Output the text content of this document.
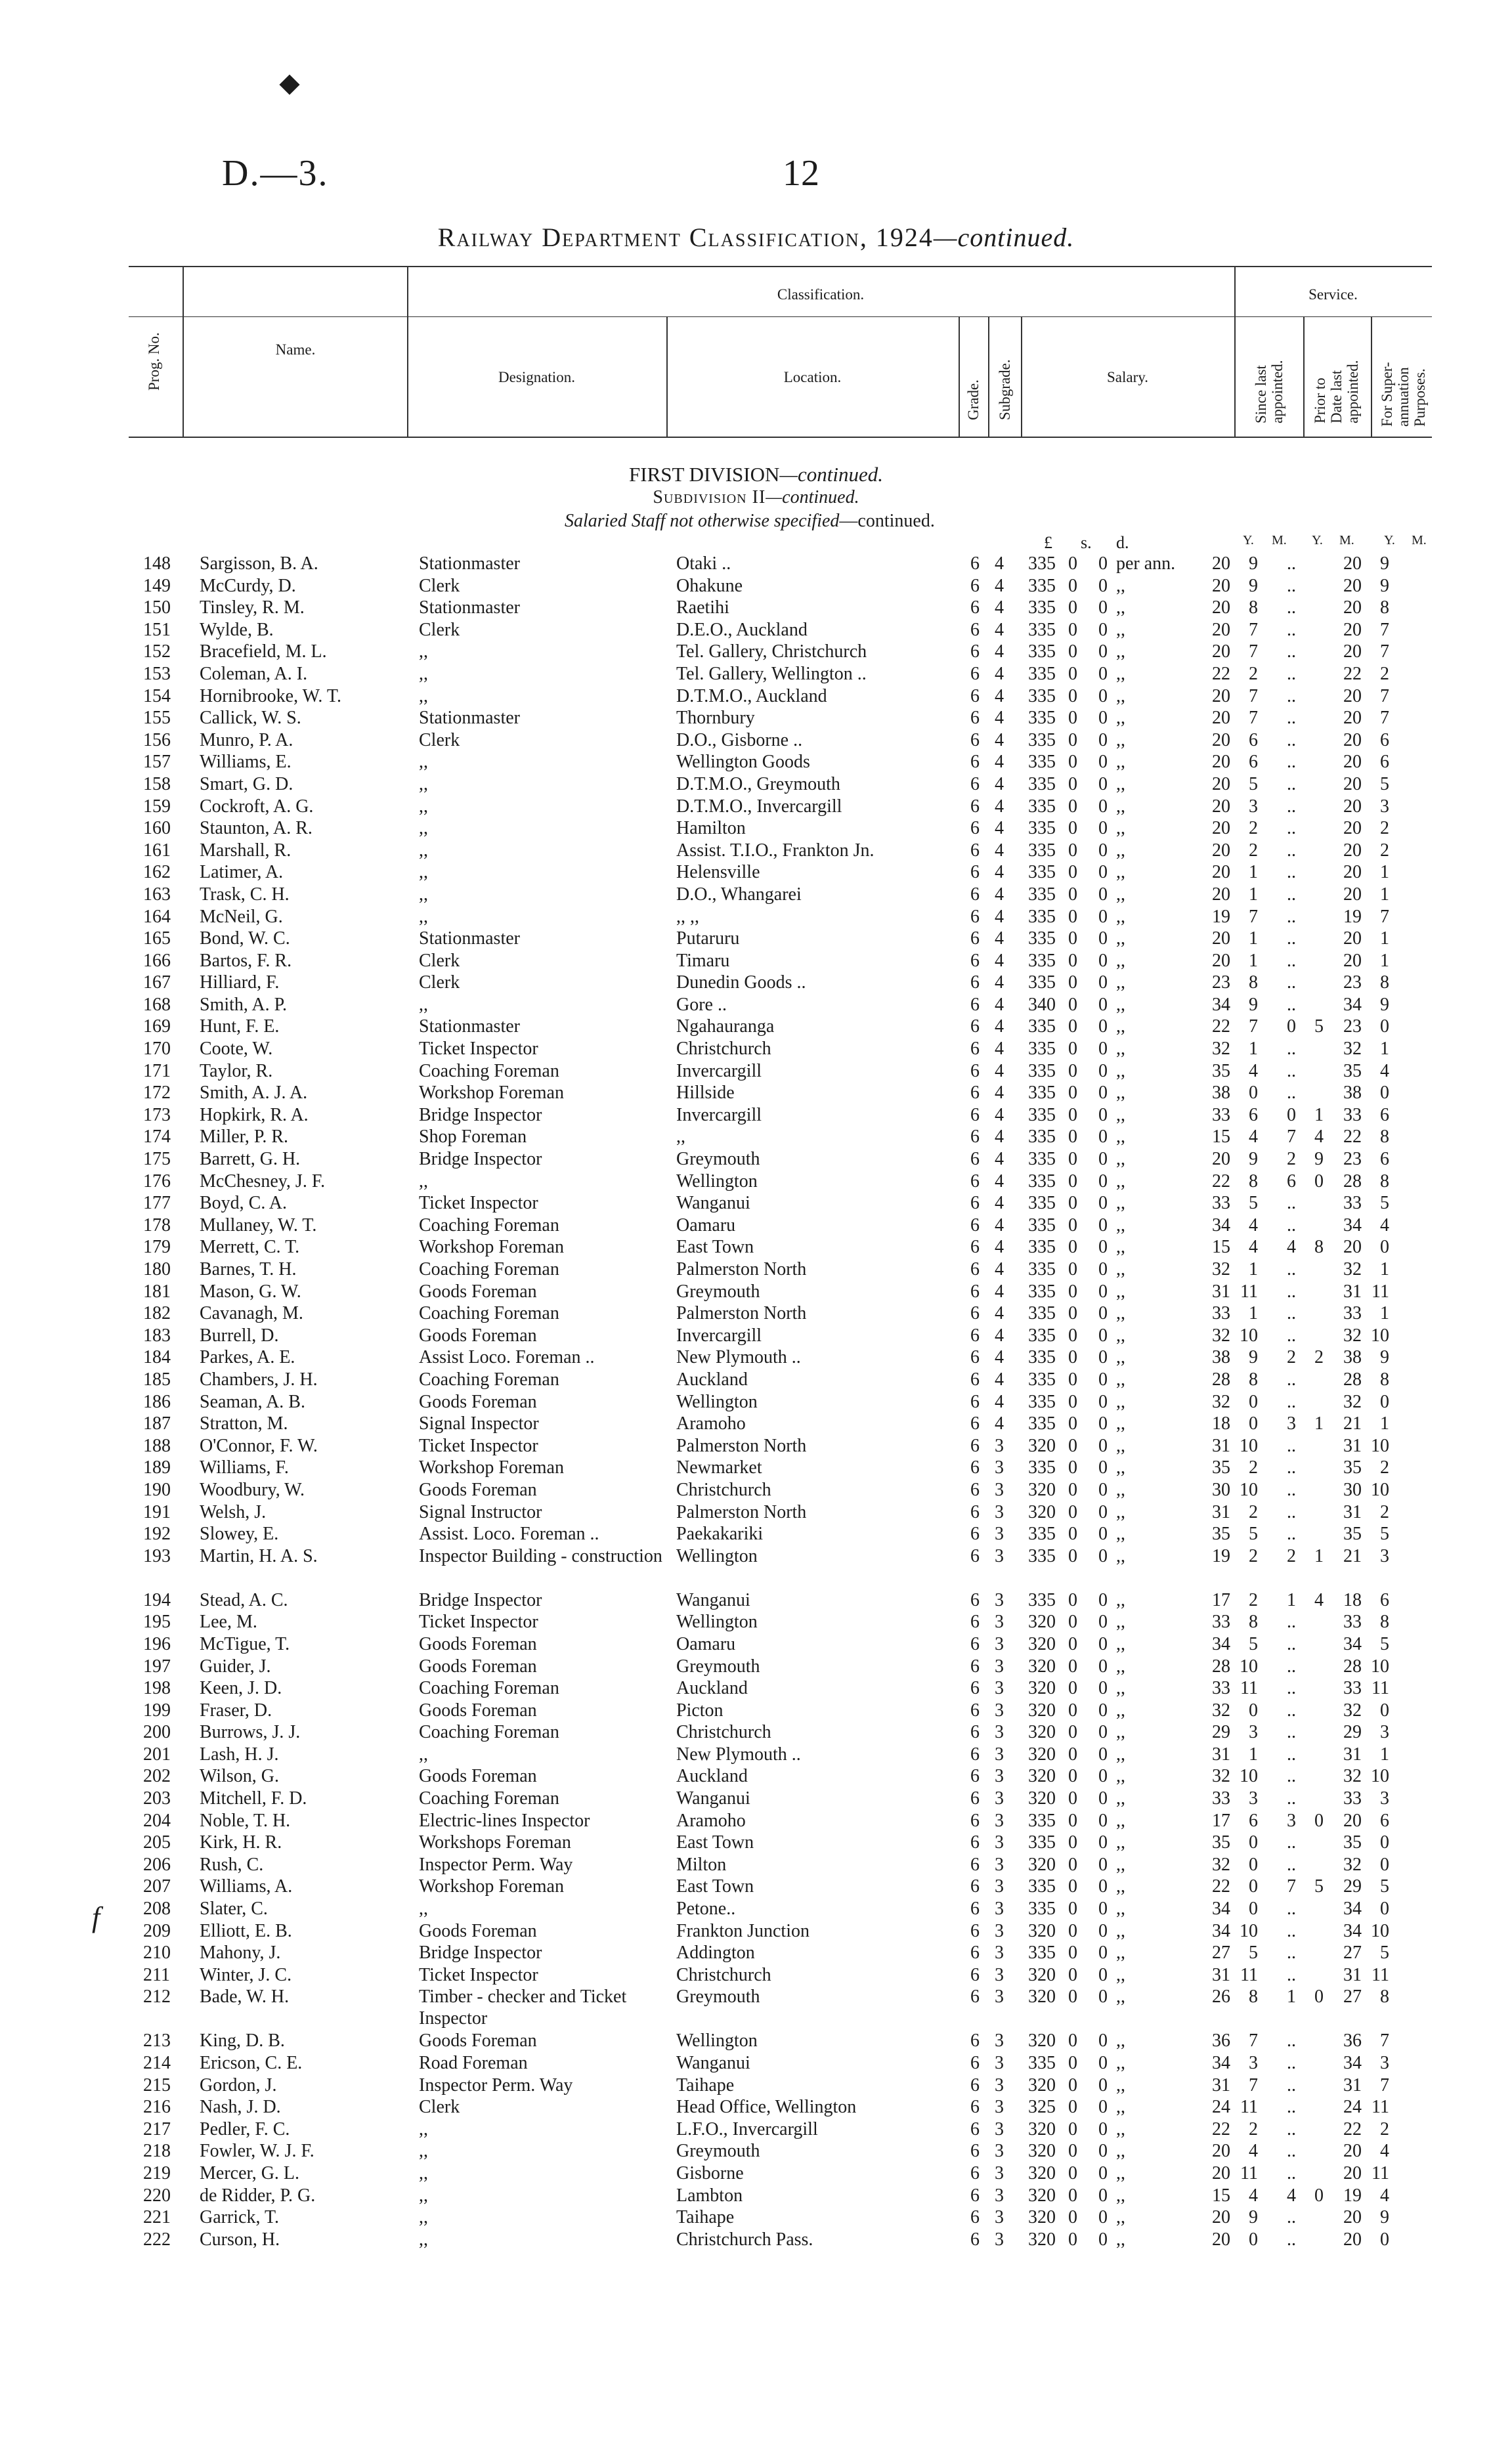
D.—3.	12
Railway Department Classification, 1924—continued.
Prog. No.	Name.
Classification.	Service.
Designation.	Location.
Grade. Subgrade.	Salary.
Since last
appointed. Prior to
Date last
appointed. For Super-
annuation
Purposes.
FIRST DIVISION—continued.
Subdivision II—continued.
Salaried Staff not otherwise specified—continued.
£ s. d.	Y. M. Y. M. Y. M.
148	Sargisson, B. A.	Stationmaster	Otaki ..	6	4	335	0	0	per ann.	20	9		..			20	9
149	McCurdy, D.	Clerk	Ohakune	6	4	335	0	0	,,	20	9		..			20	9
150	Tinsley, R. M.	Stationmaster	Raetihi	6	4	335	0	0	,,	20	8		..			20	8
151	Wylde, B.	Clerk	D.E.O., Auckland	6	4	335	0	0	,,	20	7		..			20	7
152	Bracefield, M. L.	,,	Tel. Gallery, Christchurch	6	4	335	0	0	,,	20	7		..			20	7
153	Coleman, A. I.	,,	Tel. Gallery, Wellington ..	6	4	335	0	0	,,	22	2		..			22	2
154	Hornibrooke, W. T.	,,	D.T.M.O., Auckland	6	4	335	0	0	,,	20	7		..			20	7
155	Callick, W. S.	Stationmaster	Thornbury	6	4	335	0	0	,,	20	7		..			20	7
156	Munro, P. A.	Clerk	D.O., Gisborne ..	6	4	335	0	0	,,	20	6		..			20	6
157	Williams, E.	,,	Wellington Goods	6	4	335	0	0	,,	20	6		..			20	6
158	Smart, G. D.	,,	D.T.M.O., Greymouth	6	4	335	0	0	,,	20	5		..			20	5
159	Cockroft, A. G.	,,	D.T.M.O., Invercargill	6	4	335	0	0	,,	20	3		..			20	3
160	Staunton, A. R.	,,	Hamilton	6	4	335	0	0	,,	20	2		..			20	2
161	Marshall, R.	,,	Assist. T.I.O., Frankton Jn.	6	4	335	0	0	,,	20	2		..			20	2
162	Latimer, A.	,,	Helensville	6	4	335	0	0	,,	20	1		..			20	1
163	Trask, C. H.	,,	D.O., Whangarei	6	4	335	0	0	,,	20	1		..			20	1
164	McNeil, G.	,,	,, ,,	6	4	335	0	0	,,	19	7		..			19	7
165	Bond, W. C.	Stationmaster	Putaruru	6	4	335	0	0	,,	20	1		..			20	1
166	Bartos, F. R.	Clerk	Timaru	6	4	335	0	0	,,	20	1		..			20	1
167	Hilliard, F.	Clerk	Dunedin Goods ..	6	4	335	0	0	,,	23	8		..			23	8
168	Smith, A. P.	,,	Gore ..	6	4	340	0	0	,,	34	9		..			34	9
169	Hunt, F. E.	Stationmaster	Ngahauranga	6	4	335	0	0	,,	22	7		0	5		23	0
170	Coote, W.	Ticket Inspector	Christchurch	6	4	335	0	0	,,	32	1		..			32	1
171	Taylor, R.	Coaching Foreman	Invercargill	6	4	335	0	0	,,	35	4		..			35	4
172	Smith, A. J. A.	Workshop Foreman	Hillside	6	4	335	0	0	,,	38	0		..			38	0
173	Hopkirk, R. A.	Bridge Inspector	Invercargill	6	4	335	0	0	,,	33	6		0	1		33	6
174	Miller, P. R.	Shop Foreman	,,	6	4	335	0	0	,,	15	4		7	4		22	8
175	Barrett, G. H.	Bridge Inspector	Greymouth	6	4	335	0	0	,,	20	9		2	9		23	6
176	McChesney, J. F.	,,	Wellington	6	4	335	0	0	,,	22	8		6	0		28	8
177	Boyd, C. A.	Ticket Inspector	Wanganui	6	4	335	0	0	,,	33	5		..			33	5
178	Mullaney, W. T.	Coaching Foreman	Oamaru	6	4	335	0	0	,,	34	4		..			34	4
179	Merrett, C. T.	Workshop Foreman	East Town	6	4	335	0	0	,,	15	4		4	8		20	0
180	Barnes, T. H.	Coaching Foreman	Palmerston North	6	4	335	0	0	,,	32	1		..			32	1
181	Mason, G. W.	Goods Foreman	Greymouth	6	4	335	0	0	,,	31	11		..			31	11
182	Cavanagh, M.	Coaching Foreman	Palmerston North	6	4	335	0	0	,,	33	1		..			33	1
183	Burrell, D.	Goods Foreman	Invercargill	6	4	335	0	0	,,	32	10		..			32	10
184	Parkes, A. E.	Assist Loco. Foreman ..	New Plymouth ..	6	4	335	0	0	,,	38	9		2	2		38	9
185	Chambers, J. H.	Coaching Foreman	Auckland	6	4	335	0	0	,,	28	8		..			28	8
186	Seaman, A. B.	Goods Foreman	Wellington	6	4	335	0	0	,,	32	0		..			32	0
187	Stratton, M.	Signal Inspector	Aramoho	6	4	335	0	0	,,	18	0		3	1		21	1
188	O'Connor, F. W.	Ticket Inspector	Palmerston North	6	3	320	0	0	,,	31	10		..			31	10
189	Williams, F.	Workshop Foreman	Newmarket	6	3	335	0	0	,,	35	2		..			35	2
190	Woodbury, W.	Goods Foreman	Christchurch	6	3	320	0	0	,,	30	10		..			30	10
191	Welsh, J.	Signal Instructor	Palmerston North	6	3	320	0	0	,,	31	2		..			31	2
192	Slowey, E.	Assist. Loco. Foreman ..	Paekakariki	6	3	335	0	0	,,	35	5		..			35	5
193	Martin, H. A. S.	Inspector Building - construction	Wellington	6	3	335	0	0	,,	19	2		2	1		21	3
194	Stead, A. C.	Bridge Inspector	Wanganui	6	3	335	0	0	,,	17	2		1	4		18	6
195	Lee, M.	Ticket Inspector	Wellington	6	3	320	0	0	,,	33	8		..			33	8
196	McTigue, T.	Goods Foreman	Oamaru	6	3	320	0	0	,,	34	5		..			34	5
197	Guider, J.	Goods Foreman	Greymouth	6	3	320	0	0	,,	28	10		..			28	10
198	Keen, J. D.	Coaching Foreman	Auckland	6	3	320	0	0	,,	33	11		..			33	11
199	Fraser, D.	Goods Foreman	Picton	6	3	320	0	0	,,	32	0		..			32	0
200	Burrows, J. J.	Coaching Foreman	Christchurch	6	3	320	0	0	,,	29	3		..			29	3
201	Lash, H. J.	,,	New Plymouth ..	6	3	320	0	0	,,	31	1		..			31	1
202	Wilson, G.	Goods Foreman	Auckland	6	3	320	0	0	,,	32	10		..			32	10
203	Mitchell, F. D.	Coaching Foreman	Wanganui	6	3	320	0	0	,,	33	3		..			33	3
204	Noble, T. H.	Electric-lines Inspector	Aramoho	6	3	335	0	0	,,	17	6		3	0		20	6
205	Kirk, H. R.	Workshops Foreman	East Town	6	3	335	0	0	,,	35	0		..			35	0
206	Rush, C.	Inspector Perm. Way	Milton	6	3	320	0	0	,,	32	0		..			32	0
207	Williams, A.	Workshop Foreman	East Town	6	3	335	0	0	,,	22	0		7	5		29	5
208	Slater, C.	,,	Petone..	6	3	335	0	0	,,	34	0		..			34	0
209	Elliott, E. B.	Goods Foreman	Frankton Junction	6	3	320	0	0	,,	34	10		..			34	10
210	Mahony, J.	Bridge Inspector	Addington	6	3	335	0	0	,,	27	5		..			27	5
211	Winter, J. C.	Ticket Inspector	Christchurch	6	3	320	0	0	,,	31	11		..			31	11
212	Bade, W. H.	Timber - checker and Ticket Inspector	Greymouth	6	3	320	0	0	,,	26	8		1	0		27	8
213	King, D. B.	Goods Foreman	Wellington	6	3	320	0	0	,,	36	7		..			36	7
214	Ericson, C. E.	Road Foreman	Wanganui	6	3	335	0	0	,,	34	3		..			34	3
215	Gordon, J.	Inspector Perm. Way	Taihape	6	3	320	0	0	,,	31	7		..			31	7
216	Nash, J. D.	Clerk	Head Office, Wellington	6	3	325	0	0	,,	24	11		..			24	11
217	Pedler, F. C.	,,	L.F.O., Invercargill	6	3	320	0	0	,,	22	2		..			22	2
218	Fowler, W. J. F.	,,	Greymouth	6	3	320	0	0	,,	20	4		..			20	4
219	Mercer, G. L.	,,	Gisborne	6	3	320	0	0	,,	20	11		..			20	11
220	de Ridder, P. G.	,,	Lambton	6	3	320	0	0	,,	15	4		4	0		19	4
221	Garrick, T.	,,	Taihape	6	3	320	0	0	,,	20	9		..			20	9
222	Curson, H.	,,	Christchurch Pass.	6	3	320	0	0	,,	20	0		..			20	0
f
